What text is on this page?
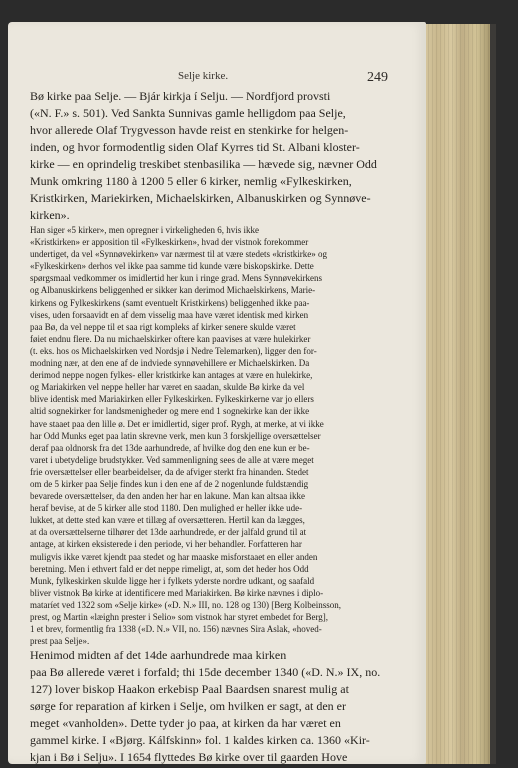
Selje kirke.	249
Bø kirke paa Selje. — Bjár kirkja í Selju. — Nordfjord provsti
(«N. F.» s. 501). Ved Sankta Sunnivas gamle helligdom paa Selje,
hvor allerede Olaf Trygvesson havde reist en stenkirke for helgen-
inden, og hvor formodentlig siden Olaf Kyrres tid St. Albani kloster-
kirke — en oprindelig treskibet stenbasilika — hævede sig, nævner Odd
Munk omkring 1180 à 1200 5 eller 6 kirker, nemlig «Fylkeskirken,
Kristkirken, Mariekirken, Michaelskirken, Albanuskirken og Synnøve-
kirken».
Han siger «5 kirker», men opregner i virkeligheden 6, hvis ikke
«Kristkirken» er apposition til «Fylkeskirken», hvad der vistnok forekommer
undertiget, da vel «Synnøvekirken» var nærmest til at være stedets «kristkirke» og
«Fylkeskirken» derhos vel ikke paa samme tid kunde være biskopskirke. Dette
spørgsmaal vedkommer os imidlertid her kun i ringe grad. Mens Synnøvekirkens
og Albanuskirkens beliggenhed er sikker kan derimod Michaelskirkens, Marie-
kirkens og Fylkeskirkens (samt eventuelt Kristkirkens) beliggenhed ikke paa-
vises, uden forsaavidt en af dem visselig maa have været identisk med kirken
paa Bø, da vel neppe til et saa rigt kompleks af kirker senere skulde været
føiet endnu flere. Da nu michaelskirker oftere kan paavises at være hulekirker
(t. eks. hos os Michaelskirken ved Nordsjø i Nedre Telemarken), ligger den for-
modning nær, at den ene af de indviede synnøvehillere er Michaelskirken. Da
derimod neppe nogen fylkes- eller kristkirke kan antages at være en hulekirke,
og Mariakirken vel neppe heller har været en saadan, skulde Bø kirke da vel
blive identisk med Mariakirken eller Fylkeskirken. Fylkeskirkerne var jo ellers
altid sognekirker for landsmenigheder og mere end 1 sognekirke kan der ikke
have staaet paa den lille ø. Det er imidlertid, siger prof. Rygh, at merke, at vi ikke
har Odd Munks eget paa latin skrevne verk, men kun 3 forskjellige oversættelser
deraf paa oldnorsk fra det 13de aarhundrede, af hvilke dog den ene kun er be-
varet i ubetydelige brudstykker. Ved sammenligning sees de alle at være meget
frie oversættelser eller bearbeidelser, da de afviger sterkt fra hinanden. Stedet
om de 5 kirker paa Selje findes kun i den ene af de 2 nogenlunde fuldstændig
bevarede oversættelser, da den anden her har en lakune. Man kan altsaa ikke
heraf bevise, at de 5 kirker alle stod 1180. Den mulighed er heller ikke ude-
lukket, at dette sted kan være et tillæg af oversætteren. Hertil kan da lægges,
at da oversættelserne tilhører det 13de aarhundrede, er der jalfald grund til at
antage, at kirken eksisterede i den periode, vi her behandler. Forfatteren har
muligvis ikke været kjendt paa stedet og har maaske misforstaaet en eller anden
beretning. Men i ethvert fald er det neppe rimeligt, at, som det heder hos Odd
Munk, fylkeskirken skulde ligge her i fylkets yderste nordre udkant, og saafald
bliver vistnok Bø kirke at identificere med Mariakirken. Bø kirke nævnes i diplo-
mataríet ved 1322 som «Selje kirke» («D. N.» III, no. 128 og 130) [Berg Kolbeinsson,
prest, og Martin «læighn prester i Selio» som vistnok har styret embedet for Berg],
1 et brev, formentlig fra 1338 («D. N.» VII, no. 156) nævnes Sira Aslak, «hoved-
prest paa Selje».
Henimod midten af det 14de aarhundrede maa kirken
paa Bø allerede været i forfald; thi 15de december 1340 («D. N.» IX, no.
127) lover biskop Haakon erkebisp Paal Baardsen snarest mulig at
sørge for reparation af kirken i Selje, om hvilken er sagt, at den er
meget «vanholden». Dette tyder jo paa, at kirken da har været en
gammel kirke. I «Bjørg. Kálfskinn» fol. 1 kaldes kirken ca. 1360 «Kir-
kjan i Bø i Selju». I 1654 flyttedes Bø kirke over til gaarden Hove
